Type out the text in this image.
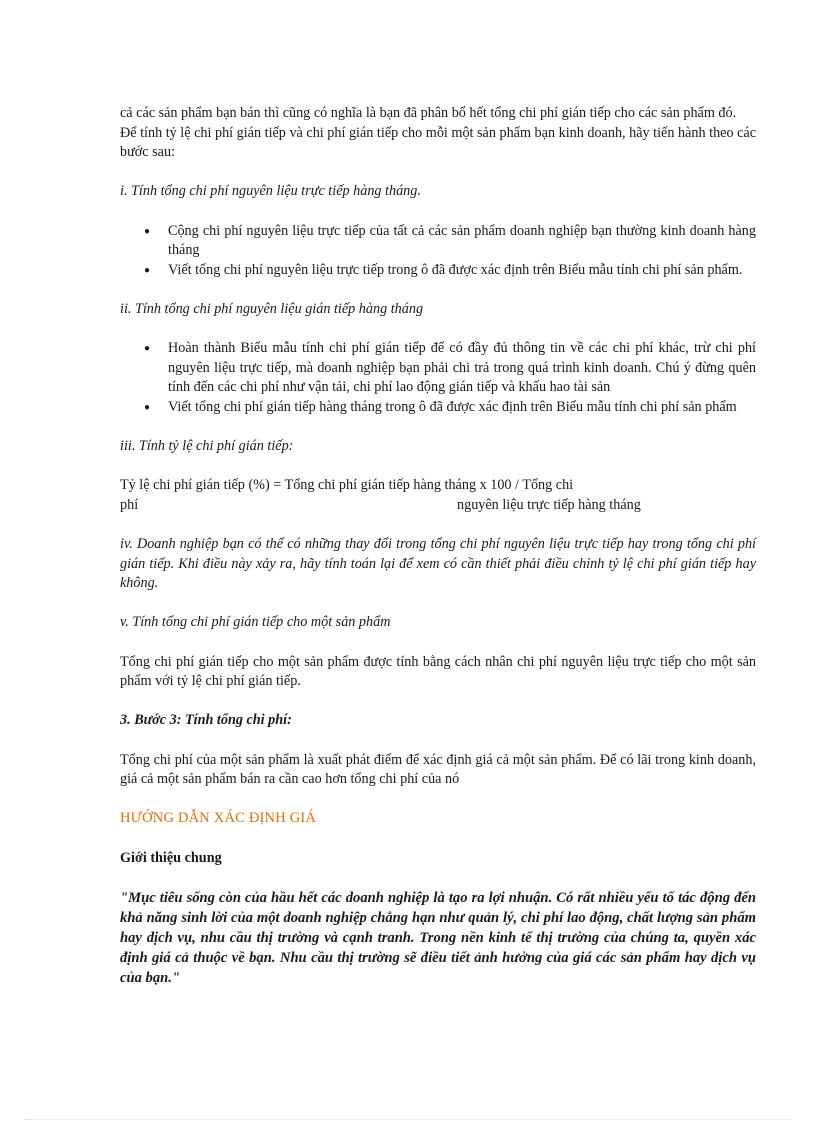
cả các sản phẩm bạn bán thì cũng có nghĩa là bạn đã phân bổ hết tổng chi phí gián tiếp cho các sản phẩm đó.

Để tính tỷ lệ chi phí gián tiếp và chi phí gián tiếp cho mỗi một sản phẩm bạn kinh doanh, hãy tiến hành theo các bước sau:

i. Tính tổng chi phí nguyên liệu trực tiếp hàng tháng.

● Cộng chi phí nguyên liệu trực tiếp của tất cả các sản phẩm doanh nghiệp bạn thường kinh doanh hàng tháng
● Viết tổng chi phí nguyên liệu trực tiếp trong ô đã được xác định trên Biểu mẫu tính chi phí sản phẩm.

ii. Tính tổng chi phí nguyên liệu gián tiếp hàng tháng

● Hoàn thành Biểu mẫu tính chi phí gián tiếp để có đầy đủ thông tin về các chi phí khác, trừ chi phí nguyên liệu trực tiếp, mà doanh nghiệp bạn phải chi trả trong quá trình kinh doanh. Chú ý đừng quên tính đến các chi phí như vận tải, chi phí lao động gián tiếp và khấu hao tài sản
● Viết tổng chi phí gián tiếp hàng tháng trong ô đã được xác định trên Biểu mẫu tính chi phí sản phẩm

iii. Tính tỷ lệ chi phí gián tiếp:

Tỷ lệ chi phí gián tiếp (%) = Tổng chi phí gián tiếp hàng tháng x 100 / Tổng chi
phí	nguyên liệu trực tiếp hàng tháng

iv. Doanh nghiệp bạn có thể có những thay đổi trong tổng chi phí nguyên liệu trực tiếp hay trong tổng chi phí gián tiếp. Khi điều này xảy ra, hãy tính toán lại để xem có cần thiết phải điều chỉnh tỷ lệ chi phí gián tiếp hay không.

v. Tính tổng chi phí gián tiếp cho một sản phẩm

Tổng chi phí gián tiếp cho một sản phẩm được tính bằng cách nhân chi phí nguyên liệu trực tiếp cho một sản phẩm với tỷ lệ chi phí gián tiếp.

3. Bước 3: Tính tổng chi phí:

Tổng chi phí của một sản phẩm là xuất phát điểm để xác định giá cả một sản phẩm. Để có lãi trong kinh doanh, giá cả một sản phẩm bán ra cần cao hơn tổng chi phí của nó

HƯỚNG DẪN XÁC ĐỊNH GIÁ

Giới thiệu chung

"Mục tiêu sống còn của hầu hết các doanh nghiệp là tạo ra lợi nhuận. Có rất nhiều yếu tố tác động đến khả năng sinh lời của một doanh nghiệp chẳng hạn như quản lý, chi phí lao động, chất lượng sản phẩm hay dịch vụ, nhu cầu thị trường và cạnh tranh. Trong nền kinh tế thị trường của chúng ta, quyền xác định giá cả thuộc về bạn. Nhu cầu thị trường sẽ điều tiết ảnh hưởng của giá các sản phẩm hay dịch vụ của bạn."
